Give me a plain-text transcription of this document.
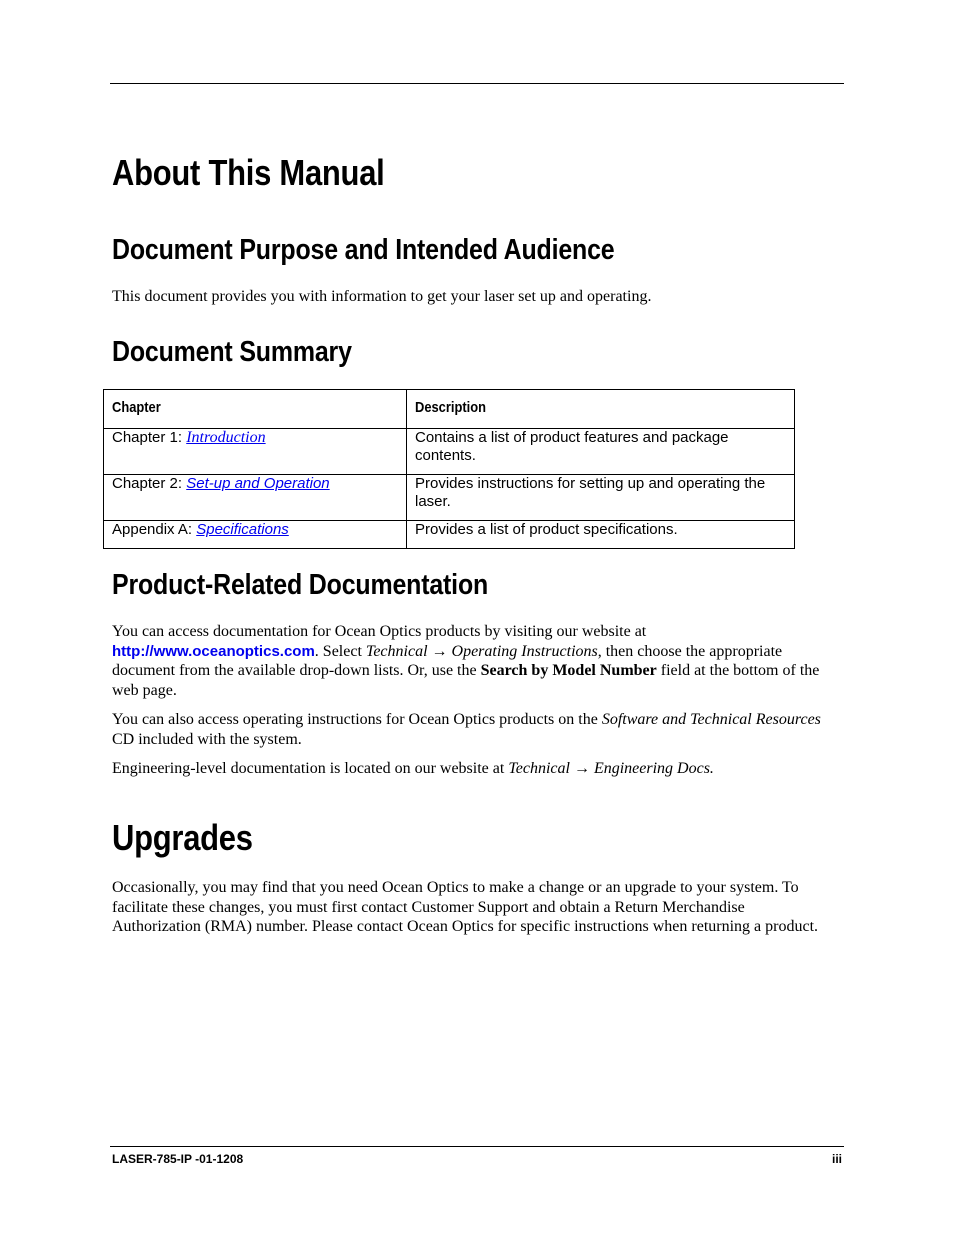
About This Manual
Document Purpose and Intended Audience

This document provides you with information to get your laser set up and operating.

Document Summary
Chapter	Description
Chapter 1: Introduction	Contains a list of product features and package contents.
Chapter 2: Set-up and Operation	Provides instructions for setting up and operating the laser.
Appendix A: Specifications	Provides a list of product specifications.
Product-Related Documentation

You can access documentation for Ocean Optics products by visiting our website at
http://www.oceanoptics.com. Select Technical → Operating Instructions, then choose the appropriate document from the available drop-down lists. Or, use the Search by Model Number field at the bottom of the web page.

You can also access operating instructions for Ocean Optics products on the Software and Technical Resources CD included with the system.

Engineering-level documentation is located on our website at Technical → Engineering Docs.

Upgrades

Occasionally, you may find that you need Ocean Optics to make a change or an upgrade to your system. To facilitate these changes, you must first contact Customer Support and obtain a Return Merchandise Authorization (RMA) number. Please contact Ocean Optics for specific instructions when returning a product.

LASER-785-IP -01-1208	iii
